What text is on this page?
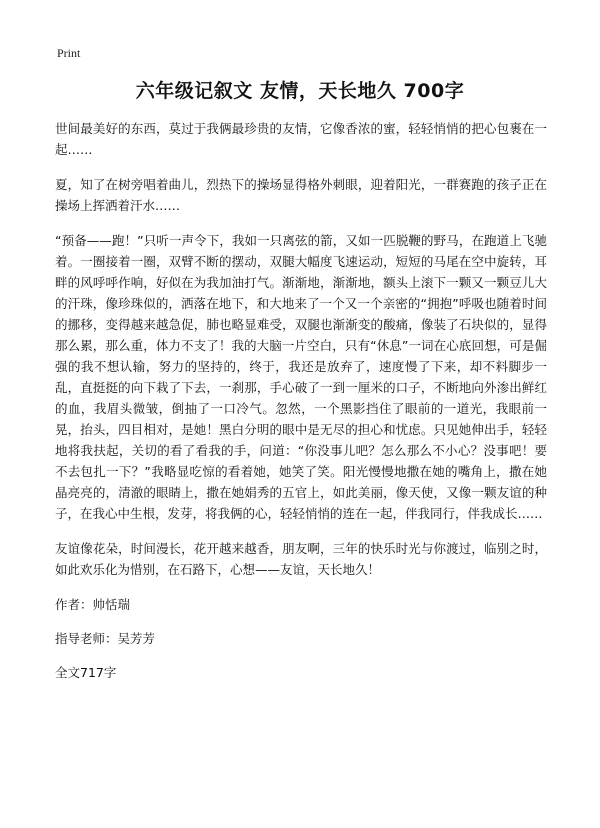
Print
六年级记叙文 友情，天长地久 700字

世间最美好的东西，莫过于我俩最珍贵的友情，它像香浓的蜜，轻轻悄悄的把心包裹在一起……

夏，知了在树旁唱着曲儿，烈热下的操场显得格外刺眼，迎着阳光，一群赛跑的孩子正在操场上挥洒着汗水……

“预备——跑！”只听一声令下，我如一只离弦的箭，又如一匹脱鞭的野马，在跑道上飞驰着。一圈接着一圈，双臂不断的摆动，双腿大幅度飞速运动，短短的马尾在空中旋转，耳畔的风呼呼作响，好似在为我加油打气。渐渐地，渐渐地，额头上滚下一颗又一颗豆儿大的汗珠，像珍珠似的，洒落在地下，和大地来了一个又一个亲密的“拥抱”呼吸也随着时间的挪移，变得越来越急促，肺也略显难受，双腿也渐渐变的酸痛，像装了石块似的，显得那么累，那么重，体力不支了！我的大脑一片空白，只有“休息”一词在心底回想，可是倔强的我不想认输，努力的坚持的，终于，我还是放弃了，速度慢了下来，却不料脚步一乱，直挺挺的向下栽了下去，一刹那，手心破了一到一厘米的口子，不断地向外渗出鲜红的血，我眉头微皱，倒抽了一口冷气。忽然，一个黑影挡住了眼前的一道光，我眼前一晃，抬头，四目相对，是她！黑白分明的眼中是无尽的担心和忧虑。只见她伸出手，轻轻地将我扶起，关切的看了看我的手，问道：“你没事儿吧？怎么那么不小心？没事吧！要不去包扎一下？”我略显吃惊的看着她，她笑了笑。阳光慢慢地撒在她的嘴角上，撒在她晶亮亮的，清澈的眼睛上，撒在她娟秀的五官上，如此美丽，像天使，又像一颗友谊的种子，在我心中生根，发芽，将我俩的心，轻轻悄悄的连在一起，伴我同行，伴我成长……

友谊像花朵，时间漫长，花开越来越香，朋友啊，三年的快乐时光与你渡过，临别之时，如此欢乐化为惜别，在石路下，心想——友谊，天长地久！

作者：帅恬瑞

指导老师：吴芳芳

全文717字
